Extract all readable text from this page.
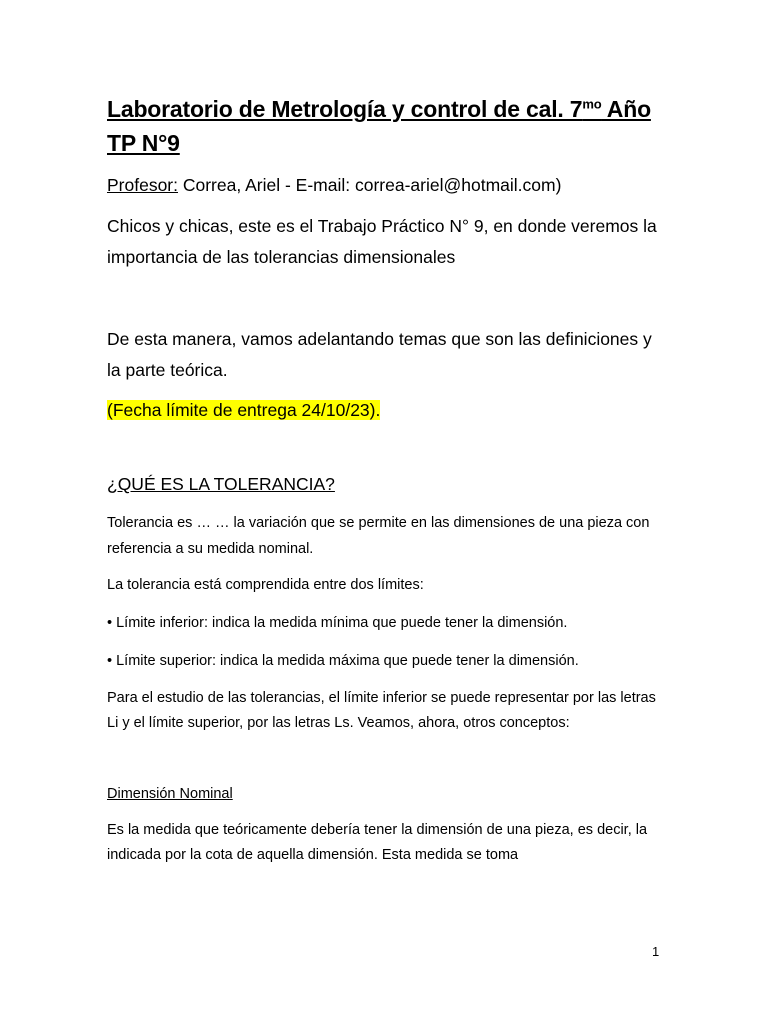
Laboratorio de Metrología y control de cal. $7^{mo}$ Año
TP N°9

Profesor: Correa, Ariel - E-mail: correa-ariel@hotmail.com)

Chicos y chicas, este es el Trabajo Práctico N° 9, en donde veremos la importancia de las tolerancias dimensionales

De esta manera, vamos adelantando temas que son las definiciones y la parte teórica.

(Fecha límite de entrega 24/10/23).

¿QUÉ ES LA TOLERANCIA?

Tolerancia es … … la variación que se permite en las dimensiones de una pieza con referencia a su medida nominal.

La tolerancia está comprendida entre dos límites:

• Límite inferior: indica la medida mínima que puede tener la dimensión.

• Límite superior: indica la medida máxima que puede tener la dimensión.

Para el estudio de las tolerancias, el límite inferior se puede representar por las letras Li y el límite superior, por las letras Ls. Veamos, ahora, otros conceptos:

Dimensión Nominal

Es la medida que teóricamente debería tener la dimensión de una pieza, es decir, la indicada por la cota de aquella dimensión. Esta medida se toma

1
